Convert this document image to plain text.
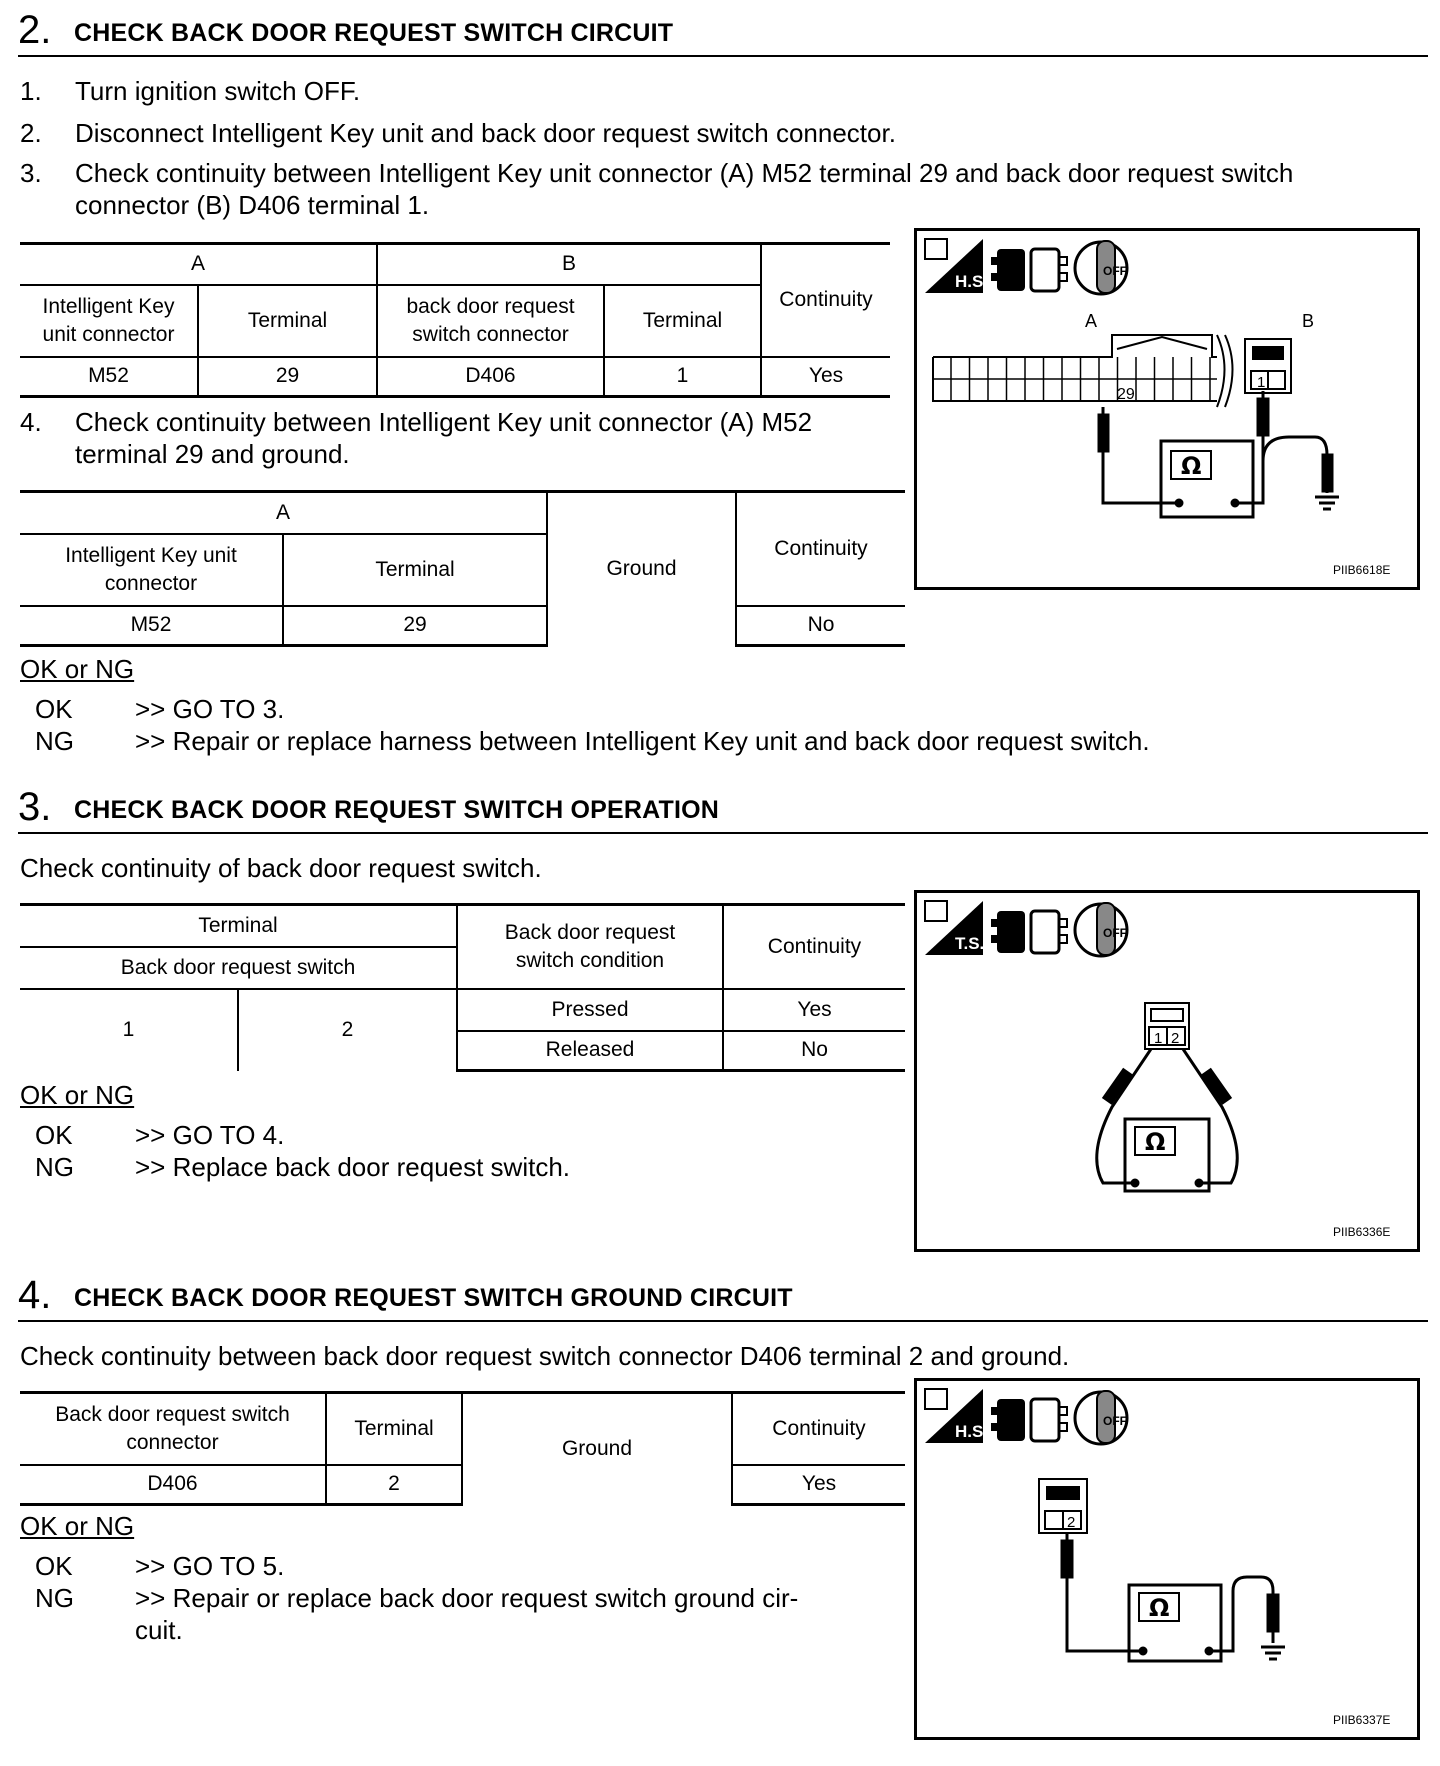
2. CHECK BACK DOOR REQUEST SWITCH CIRCUIT
1. Turn ignition switch OFF.
2. Disconnect Intelligent Key unit and back door request switch connector.
3. Check continuity between Intelligent Key unit connector (A) M52 terminal 29 and back door request switch
connector (B) D406 terminal 1.
A		B		Continuity
Intelligent Key
unit connector	Terminal	back door request
switch connector	Terminal	
M52	29	D406	1	Yes
4. Check continuity between Intelligent Key unit connector (A) M52
terminal 29 and ground.
A		Ground	Continuity
Intelligent Key unit
connector	Terminal		
M52	29		No
OK or NG
OK >> GO TO 3.
NG >> Repair or replace harness between Intelligent Key unit and back door request switch.
H.S.
OFF
A	B
29
1
Ω
PIIB6618E
3. CHECK BACK DOOR REQUEST SWITCH OPERATION
Check continuity of back door request switch.
Terminal		Back door request
switch condition	Continuity
Back door request switch			
1	2	Pressed	Yes
		Released	No
OK or NG
OK >> GO TO 4.
NG >> Replace back door request switch.
T.S.
OFF
1 2
Ω
PIIB6336E
4. CHECK BACK DOOR REQUEST SWITCH GROUND CIRCUIT
Check continuity between back door request switch connector D406 terminal 2 and ground.
Back door request switch
connector	Terminal	Ground	Continuity
D406	2		Yes
OK or NG
OK >> GO TO 5.
NG >> Repair or replace back door request switch ground cir-
cuit.
H.S.
OFF
2
Ω
PIIB6337E
